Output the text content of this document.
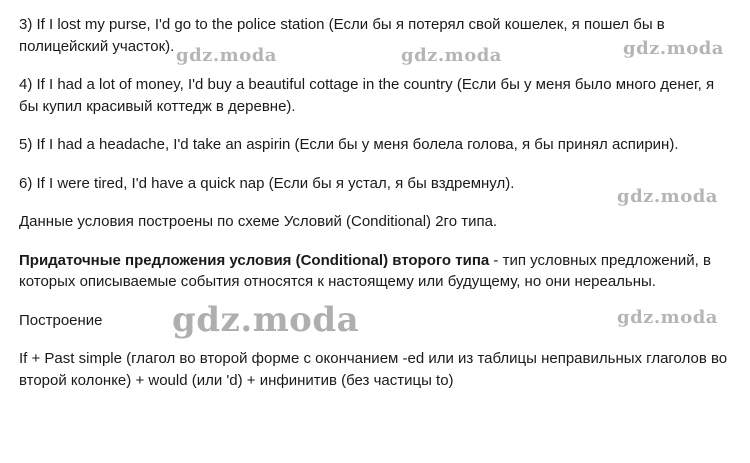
3) If I lost my purse, I'd go to the police station (Если бы я потерял свой кошелек, я пошел бы в полицейский участок).

4) If I had a lot of money, I'd buy a beautiful cottage in the country (Если бы у меня было много денег, я бы купил красивый коттедж в деревне).

5) If I had a headache, I'd take an aspirin (Если бы у меня болела голова, я бы принял аспирин).

6) If I were tired, I'd have a quick nap (Если бы я устал, я бы вздремнул).

Данные условия построены по схеме Условий (Conditional) 2го типа.

Придаточные предложения условия (Conditional) второго типа - тип условных предложений, в которых описываемые события относятся к настоящему или будущему, но они нереальны.

Построение

If + Past simple (глагол во второй форме с окончанием -ed или из таблицы неправильных глаголов во второй колонке) + would (или 'd) + инфинитив (без частицы to)

gdz.moda	gdz.moda	gdz.moda
gdz.moda
gdz.moda	gdz.moda
